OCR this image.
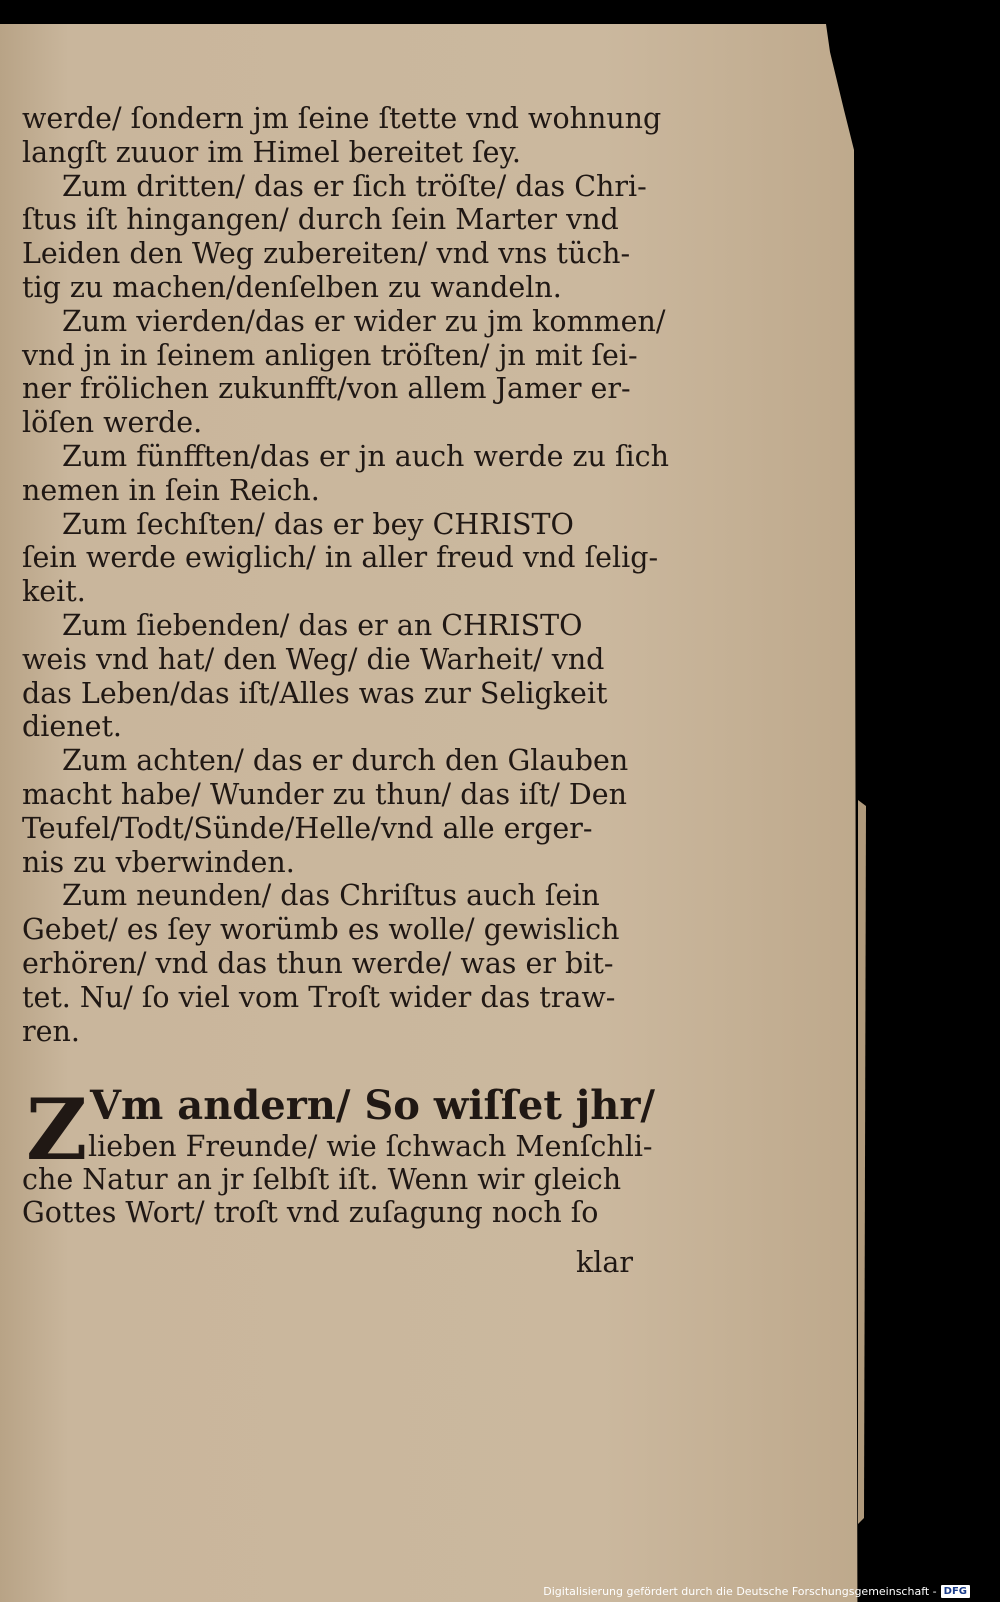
werde/ ſondern jm ſeine ſtette vnd wohnung
langſt zuuor im Himel bereitet ſey.
Zum dritten/ das er ſich tröſte/ das Chri-
ſtus iſt hingangen/ durch ſein Marter vnd
Leiden den Weg zubereiten/ vnd vns tüch-
tig zu machen/denſelben zu wandeln.
Zum vierden/das er wider zu jm kommen/
vnd jn in ſeinem anligen tröſten/ jn mit ſei-
ner frölichen zukunfft/von allem Jamer er-
löſen werde.
Zum fünfften/das er jn auch werde zu ſich
nemen in ſein Reich.
Zum ſechſten/ das er bey CHRISTO
ſein werde ewiglich/ in aller freud vnd ſelig-
keit.
Zum ſiebenden/ das er an CHRISTO
weis vnd hat/ den Weg/ die Warheit/ vnd
das Leben/das iſt/Alles was zur Seligkeit
dienet.
Zum achten/ das er durch den Glauben
macht habe/ Wunder zu thun/ das iſt/ Den
Teufel/Todt/Sünde/Helle/vnd alle erger-
nis zu vberwinden.
Zum neunden/ das Chriſtus auch ſein
Gebet/ es ſey worümb es wolle/ gewislich
erhören/ vnd das thun werde/ was er bit-
tet. Nu/ ſo viel vom Troſt wider das traw-
ren.
Z Vm andern/ So wiſſet jhr/
lieben Freunde/ wie ſchwach Menſchli-
che Natur an jr ſelbſt iſt. Wenn wir gleich
Gottes Wort/ troſt vnd zuſagung noch ſo
klar
Digitalisierung gefördert durch die Deutsche Forschungsgemeinschaft - DFG
